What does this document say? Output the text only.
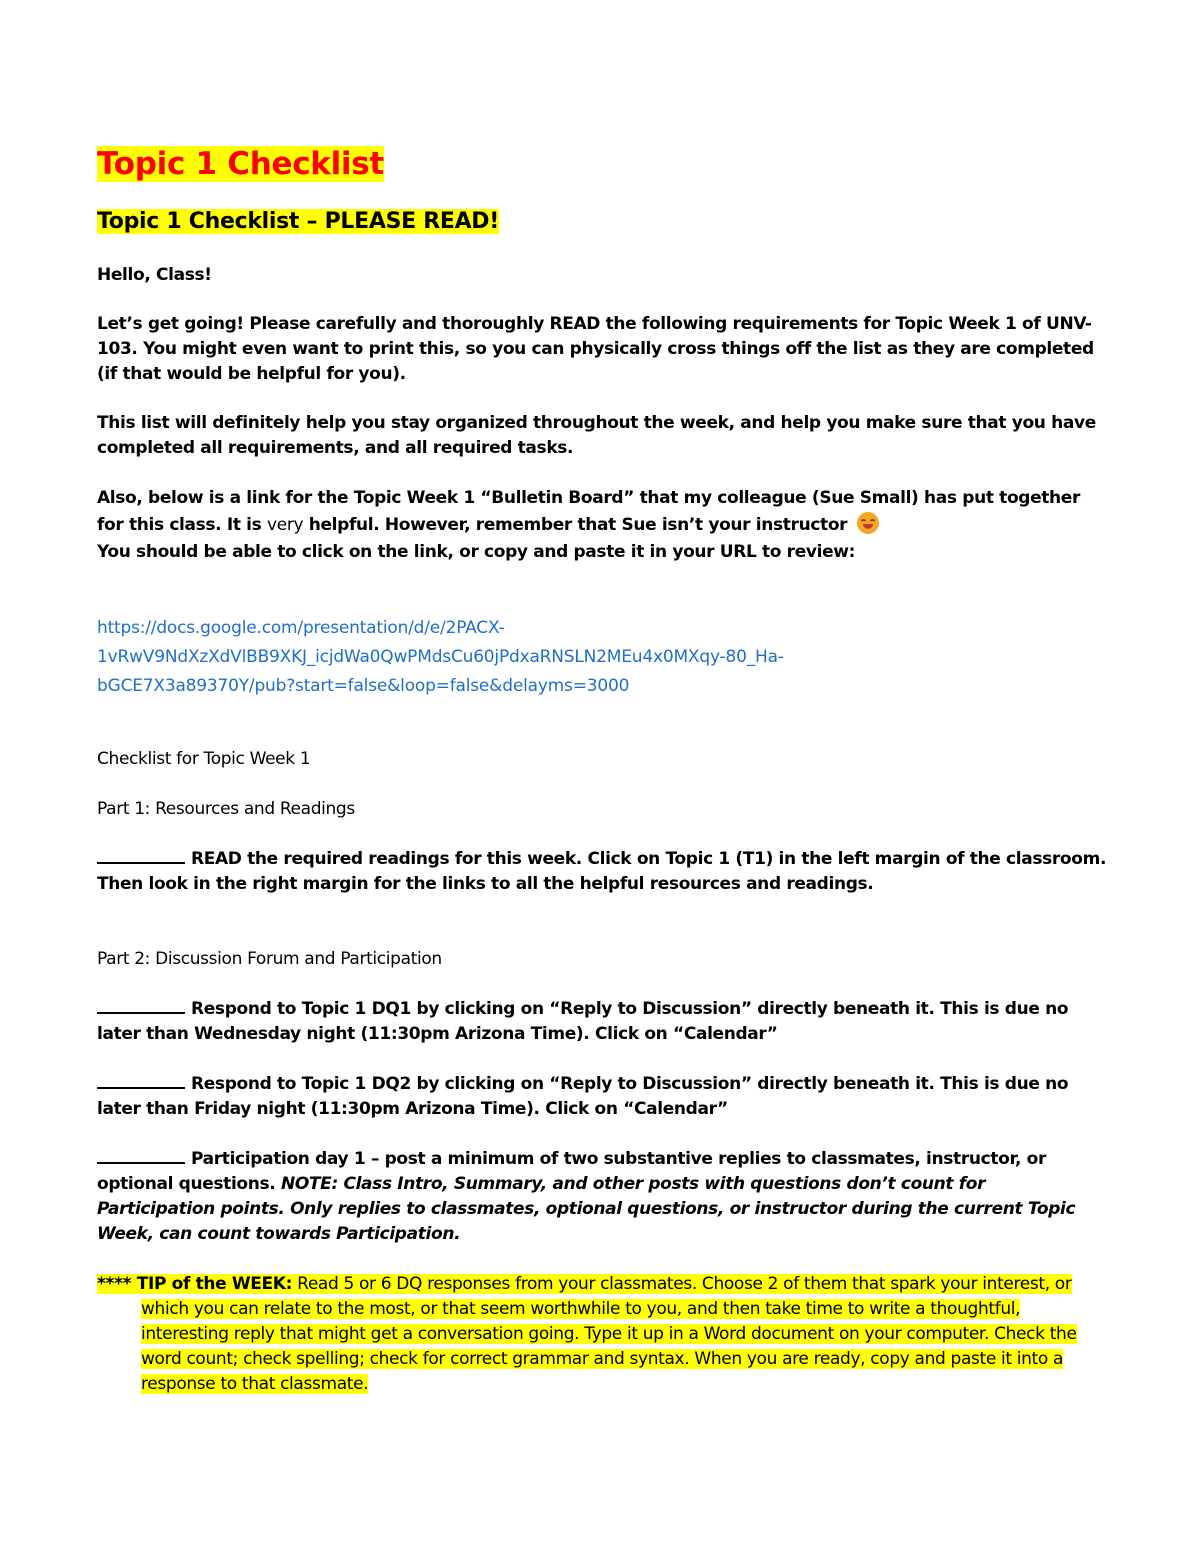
Topic 1 Checklist
Topic 1 Checklist – PLEASE READ!

Hello, Class!

Let’s get going! Please carefully and thoroughly READ the following requirements for Topic Week 1 of UNV-103. You might even want to print this, so you can physically cross things off the list as they are completed (if that would be helpful for you).

This list will definitely help you stay organized throughout the week, and help you make sure that you have completed all requirements, and all required tasks.

Also, below is a link for the Topic Week 1 “Bulletin Board” that my colleague (Sue Small) has put together for this class. It is very helpful. However, remember that Sue isn’t your instructor

You should be able to click on the link, or copy and paste it in your URL to review:

https://docs.google.com/presentation/d/e/2PACX-

1vRwV9NdXzXdVlBB9XKJ_icjdWa0QwPMdsCu60jPdxaRNSLN2MEu4x0MXqy-80_Ha-

bGCE7X3a89370Y/pub?start=false&loop=false&delayms=3000

Checklist for Topic Week 1

Part 1: Resources and Readings

READ the required readings for this week. Click on Topic 1 (T1) in the left margin of the classroom. Then look in the right margin for the links to all the helpful resources and readings.

Part 2: Discussion Forum and Participation

Respond to Topic 1 DQ1 by clicking on “Reply to Discussion” directly beneath it. This is due no later than Wednesday night (11:30pm Arizona Time). Click on “Calendar”

Respond to Topic 1 DQ2 by clicking on “Reply to Discussion” directly beneath it. This is due no later than Friday night (11:30pm Arizona Time). Click on “Calendar”

Participation day 1 – post a minimum of two substantive replies to classmates, instructor, or optional questions. NOTE: Class Intro, Summary, and other posts with questions don’t count for Participation points. Only replies to classmates, optional questions, or instructor during the current Topic Week, can count towards Participation.

**** TIP of the WEEK: Read 5 or 6 DQ responses from your classmates. Choose 2 of them that spark your interest, or which you can relate to the most, or that seem worthwhile to you, and then take time to write a thoughtful, interesting reply that might get a conversation going. Type it up in a Word document on your computer. Check the word count; check spelling; check for correct grammar and syntax. When you are ready, copy and paste it into a response to that classmate.
